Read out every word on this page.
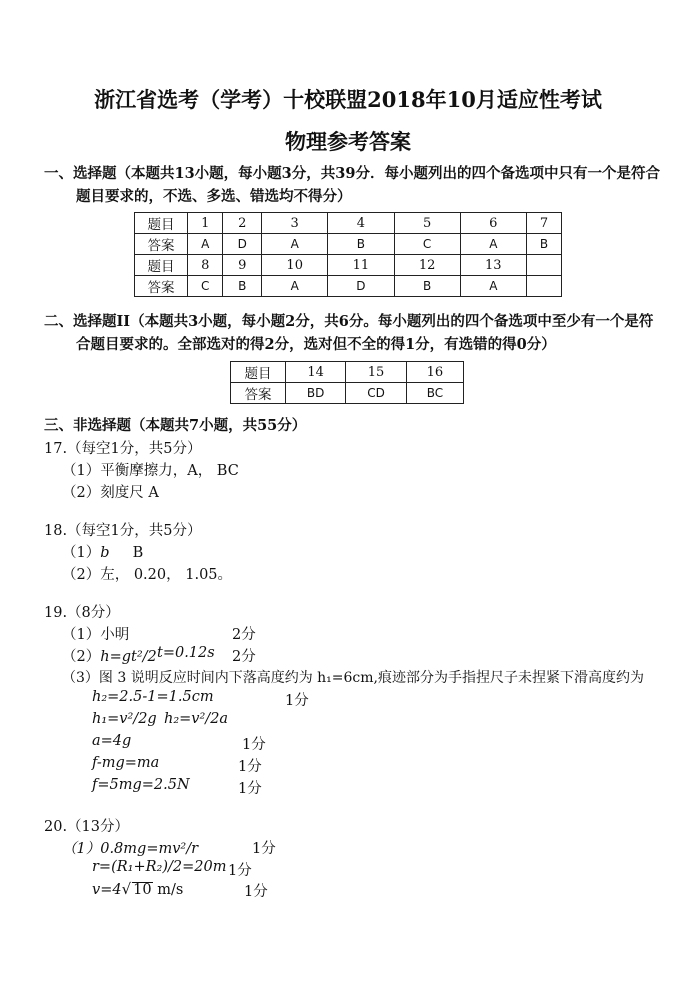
浙江省选考（学考）十校联盟2018年10月适应性考试
物理参考答案
一、选择题（本题共13小题，每小题3分，共39分．每小题列出的四个备选项中只有一个是符合
题目要求的，不选、多选、错选均不得分）
题目	1	2	3	4	5	6	7
答案	A	D	A	B	C	A	B
题目	8	9	10	11	12	13	
答案	C	B	A	D	B	A	
二、选择题II（本题共3小题，每小题2分，共6分。每小题列出的四个备选项中至少有一个是符
合题目要求的。全部选对的得2分，选对但不全的得1分，有选错的得0分）
题目	14	15	16
答案	BD	CD	BC
三、非选择题（本题共7小题，共55分）
17.（每空1分，共5分）
（1）平衡摩擦力，A， BC
（2）刻度尺 A
18.（每空1分，共5分）
（1）b     B
（2）左， 0.20， 1.05。
19.（8分）
（1）小明	2分
（2）h=gt²/2 t=0.12s 2分
（3）图 3 说明反应时间内下落高度约为 h₁=6cm,痕迹部分为手指捏尺子未捏紧下滑高度约为
h₂=2.5-1=1.5cm	1分
h₁=v²/2g h₂=v²/2a
a=4g	1分
f-mg=ma	1分
f=5mg=2.5N	1分
20.（13分）
（1）0.8mg=mv²/r	1分
r=(R₁+R₂)/2=20m 1分
v=4√ 10 m/s	1分
